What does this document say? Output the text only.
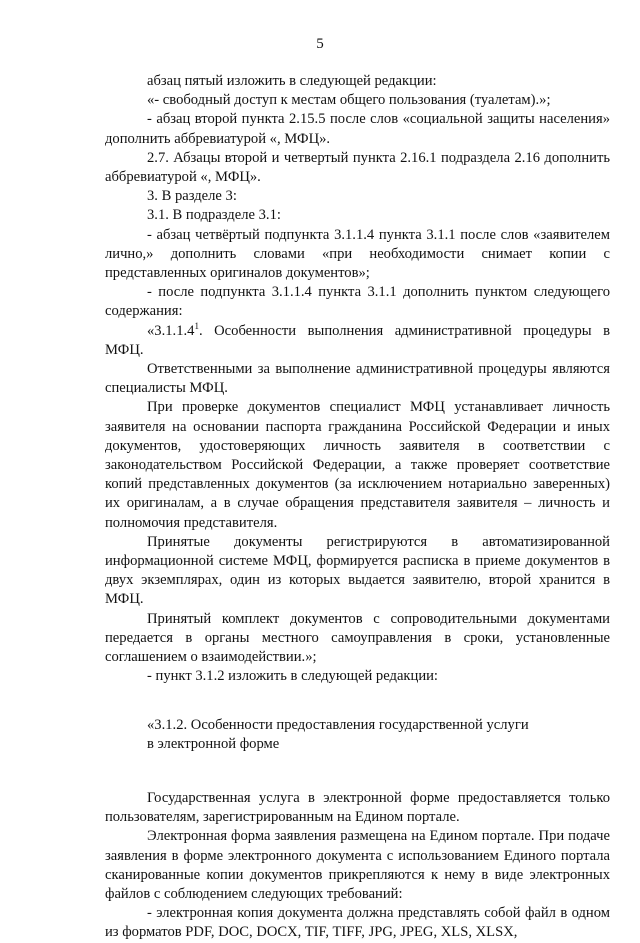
5

абзац пятый изложить в следующей редакции:

«- свободный доступ к местам общего пользования (туалетам).»;

- абзац второй пункта 2.15.5 после слов «социальной защиты населения» дополнить аббревиатурой «, МФЦ».

2.7. Абзацы второй и четвертый пункта 2.16.1 подраздела 2.16 дополнить аббревиатурой «, МФЦ».

3. В разделе 3:

3.1. В подразделе 3.1:

- абзац четвёртый подпункта 3.1.1.4 пункта 3.1.1 после слов «заявителем лично,» дополнить словами «при необходимости снимает копии с представленных оригиналов документов»;

- после подпункта 3.1.1.4 пункта 3.1.1 дополнить пунктом следующего содержания:

«3.1.1.4$^1$. Особенности выполнения административной процедуры в МФЦ.

Ответственными за выполнение административной процедуры являются специалисты МФЦ.

При проверке документов специалист МФЦ устанавливает личность заявителя на основании паспорта гражданина Российской Федерации и иных документов, удостоверяющих личность заявителя в соответствии с законодательством Российской Федерации, а также проверяет соответствие копий представленных документов (за исключением нотариально заверенных) их оригиналам, а в случае обращения представителя заявителя – личность и полномочия представителя.

Принятые документы регистрируются в автоматизированной информационной системе МФЦ, формируется расписка в приеме документов в двух экземплярах, один из которых выдается заявителю, второй хранится в МФЦ.

Принятый комплект документов с сопроводительными документами передается в органы местного самоуправления в сроки, установленные соглашением о взаимодействии.»;

- пункт 3.1.2 изложить в следующей редакции:

«3.1.2. Особенности предоставления государственной услуги

в электронной форме

Государственная услуга в электронной форме предоставляется только пользователям, зарегистрированным на Едином портале.

Электронная форма заявления размещена на Едином портале. При подаче заявления в форме электронного документа с использованием Единого портала сканированные копии документов прикрепляются к нему в виде электронных файлов с соблюдением следующих требований:

- электронная копия документа должна представлять собой файл в одном из форматов PDF, DOC, DOCX, TIF, TIFF, JPG, JPEG, XLS, XLSX,
